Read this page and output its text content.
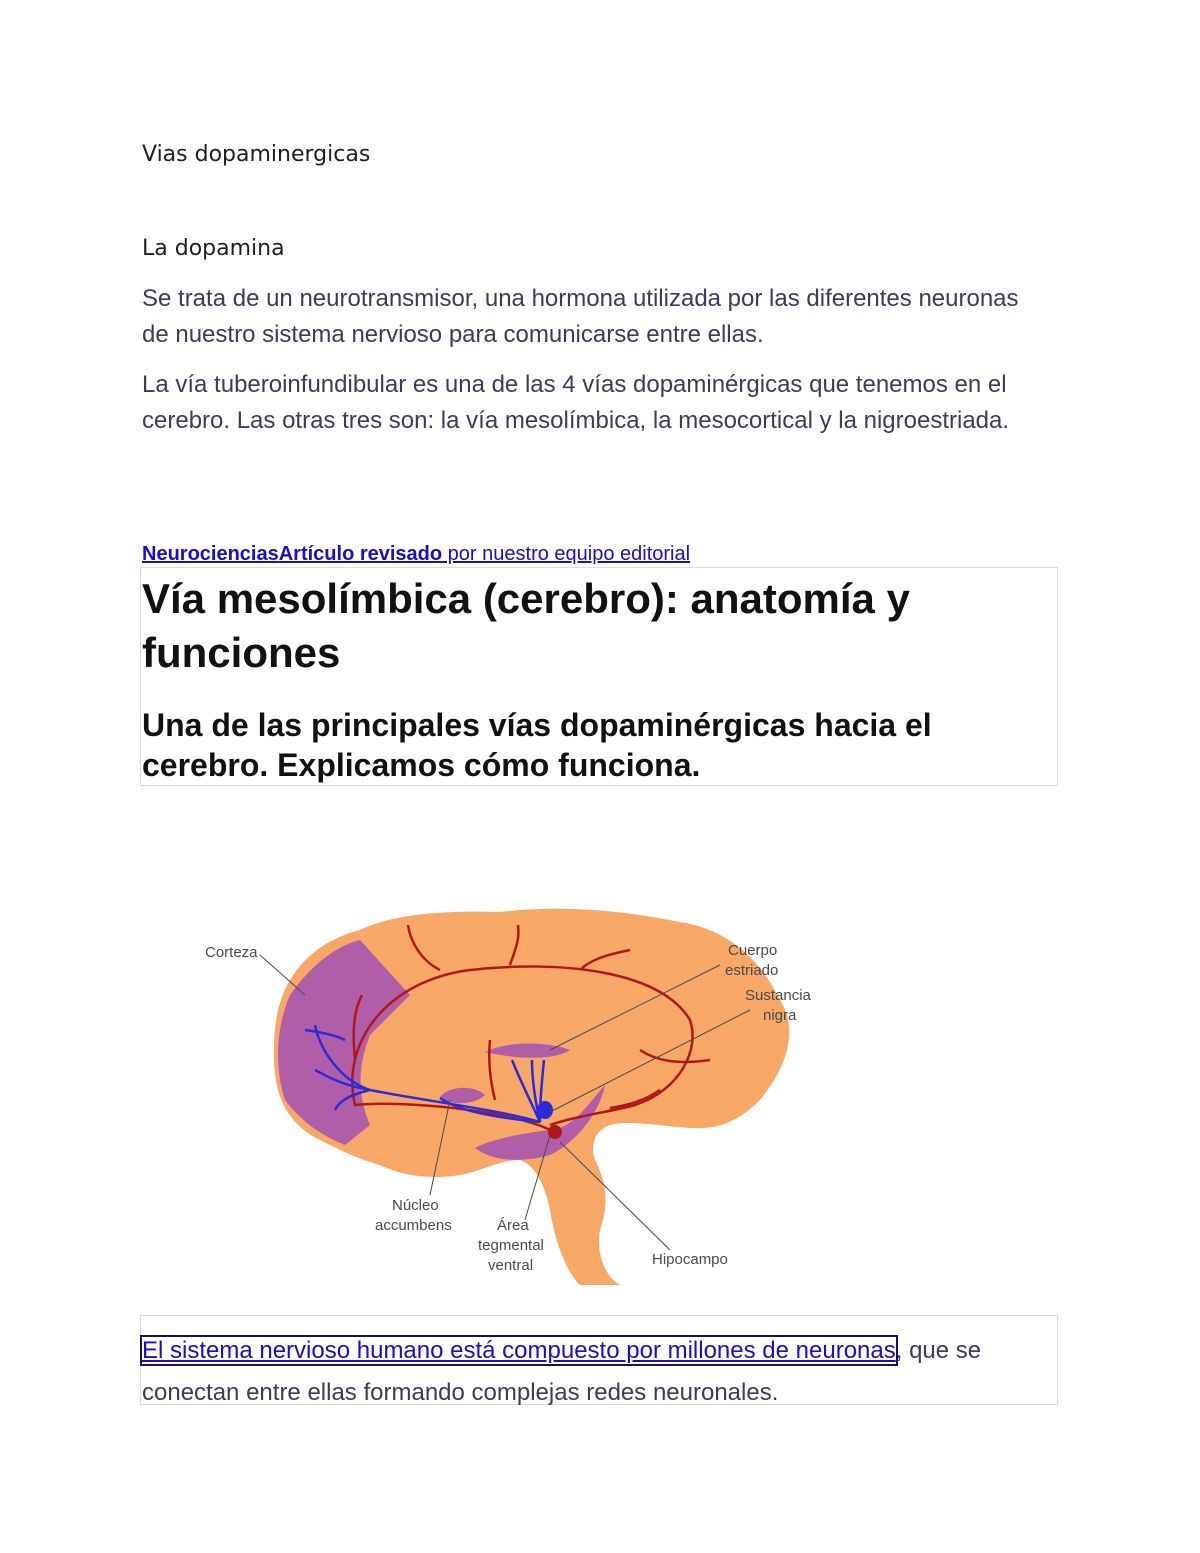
Vias dopaminergicas
La dopamina
Se trata de un neurotransmisor, una hormona utilizada por las diferentes neuronas de nuestro sistema nervioso para comunicarse entre ellas.
La vía tuberoinfundibular es una de las 4 vías dopaminérgicas que tenemos en el cerebro. Las otras tres son: la vía mesolímbica, la mesocortical y la nigroestriada.
NeurocienciasArtículo revisado por nuestro equipo editorial
Vía mesolímbica (cerebro): anatomía y funciones
Una de las principales vías dopaminérgicas hacia el cerebro. Explicamos cómo funciona.
Corteza	Cuerpo
estriado
Sustancia
nigra
Núcleo
accumbens	Área
tegmental
ventral	Hipocampo
El sistema nervioso humano está compuesto por millones de neuronas, que se conectan entre ellas formando complejas redes neuronales.
